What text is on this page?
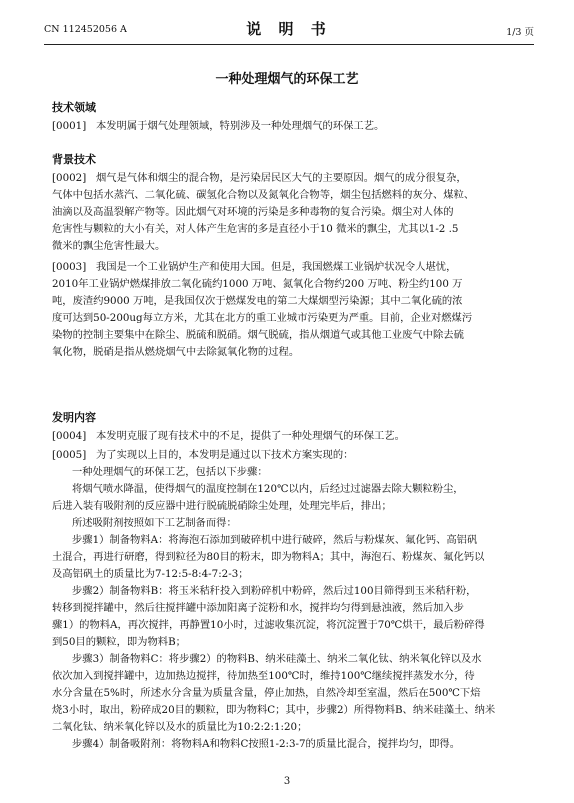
CN 112452056 A	说 明 书	1/3 页
一种处理烟气的环保工艺
技术领域
[0001] 本发明属于烟气处理领域，特别涉及一种处理烟气的环保工艺。
背景技术
[0002] 烟气是气体和烟尘的混合物，是污染居民区大气的主要原因。烟气的成分很复杂，
气体中包括水蒸汽、二氧化硫、碳氢化合物以及氮氧化合物等，烟尘包括燃料的灰分、煤粒、
油滴以及高温裂解产物等。因此烟气对环境的污染是多种毒物的复合污染。烟尘对人体的
危害性与颗粒的大小有关，对人体产生危害的多是直径小于10 微米的飘尘，尤其以1-2 .5
微米的飘尘危害性最大。
[0003] 我国是一个工业锅炉生产和使用大国。但是，我国燃煤工业锅炉状况令人堪忧，
2010年工业锅炉燃煤排放二氧化硫约1000 万吨、氮氧化合物约200 万吨、粉尘约100 万
吨，废渣约9000 万吨，是我国仅次于燃煤发电的第二大煤烟型污染源；其中二氧化硫的浓
度可达到50-200ug每立方米，尤其在北方的重工业城市污染更为严重。目前，企业对燃煤污
染物的控制主要集中在除尘、脱硫和脱硝。烟气脱硫，指从烟道气或其他工业废气中除去硫
氧化物，脱硝是指从燃烧烟气中去除氮氧化物的过程。
发明内容
[0004] 本发明克服了现有技术中的不足，提供了一种处理烟气的环保工艺。
[0005] 为了实现以上目的，本发明是通过以下技术方案实现的：
一种处理烟气的环保工艺，包括以下步骤：
将烟气喷水降温，使得烟气的温度控制在120℃以内，后经过过滤器去除大颗粒粉尘，
后进入装有吸附剂的反应器中进行脱硫脱硝除尘处理，处理完毕后，排出；
所述吸附剂按照如下工艺制备而得：
步骤1）制备物料A：将海泡石添加到破碎机中进行破碎，然后与粉煤灰、氟化钙、高铝矾
土混合，再进行研磨，得到粒径为80目的粉末，即为物料A；其中，海泡石、粉煤灰、氟化钙以
及高铝矾土的质量比为7-12:5-8:4-7:2-3；
步骤2）制备物料B：将玉米秸秆投入到粉碎机中粉碎，然后过100目筛得到玉米秸秆粉，
转移到搅拌罐中，然后往搅拌罐中添加阳离子淀粉和水，搅拌均匀得到悬浊液，然后加入步
骤1）的物料A，再次搅拌，再静置10小时，过滤收集沉淀，将沉淀置于70℃烘干，最后粉碎得
到50目的颗粒，即为物料B；
步骤3）制备物料C：将步骤2）的物料B、纳米硅藻土、纳米二氧化钛、纳米氧化锌以及水
依次加入到搅拌罐中，边加热边搅拌，待加热至100℃时，维持100℃继续搅拌蒸发水分，待
水分含量在5%时，所述水分含量为质量含量，停止加热，自然冷却至室温，然后在500℃下焙
烧3小时，取出，粉碎成20目的颗粒，即为物料C；其中，步骤2）所得物料B、纳米硅藻土、纳米
二氧化钛、纳米氧化锌以及水的质量比为10:2:2:1:20；
步骤4）制备吸附剂：将物料A和物料C按照1-2:3-7的质量比混合，搅拌均匀，即得。
3
